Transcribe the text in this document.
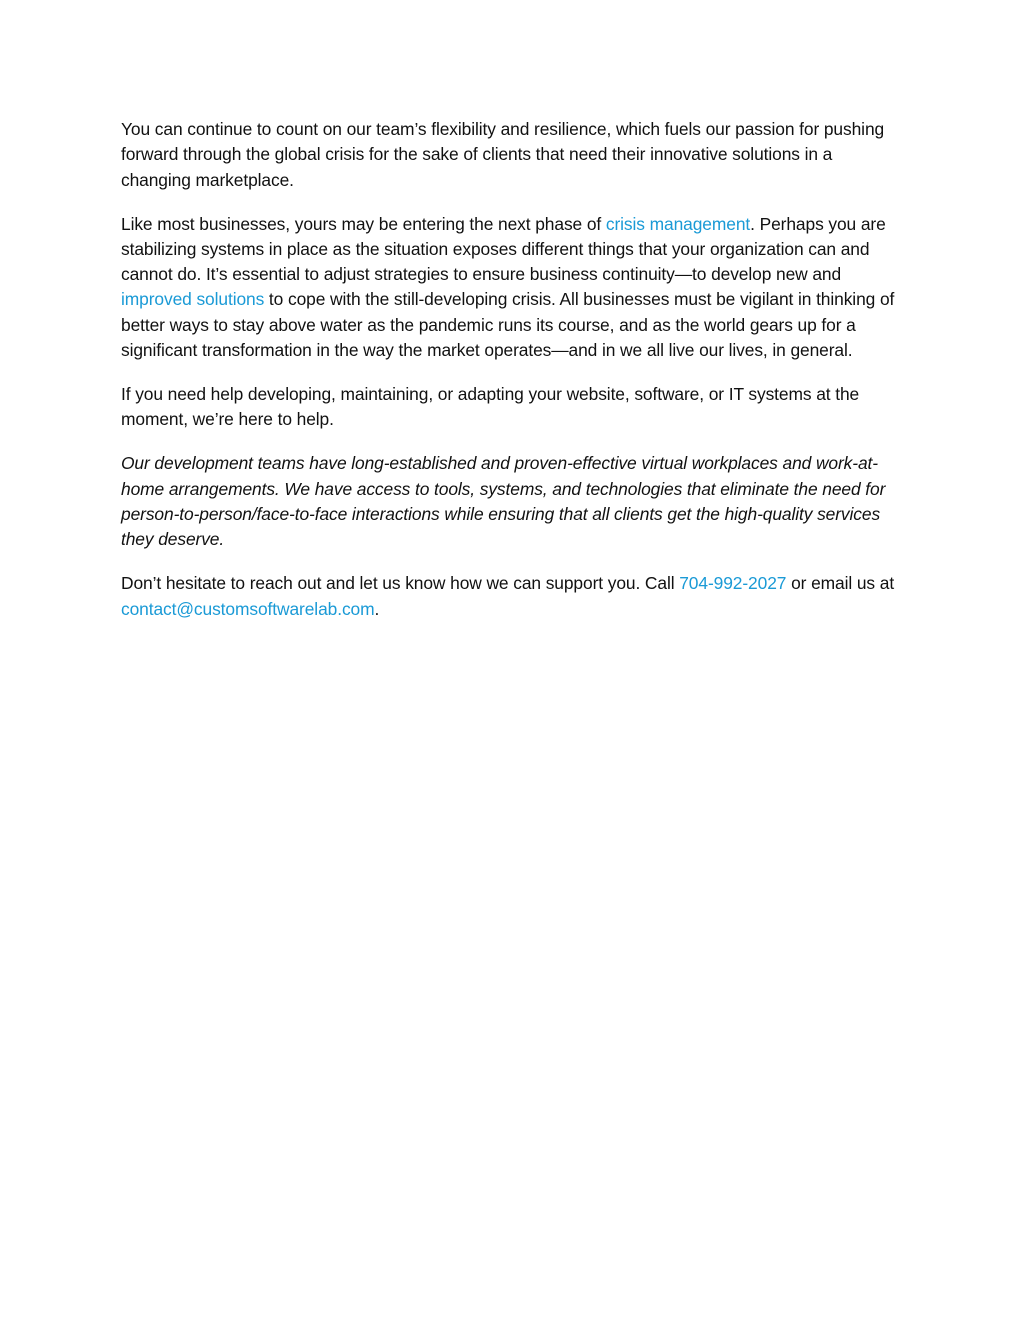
You can continue to count on our team’s flexibility and resilience, which fuels our passion for pushing forward through the global crisis for the sake of clients that need their innovative solutions in a changing marketplace.

Like most businesses, yours may be entering the next phase of crisis management. Perhaps you are stabilizing systems in place as the situation exposes different things that your organization can and cannot do. It’s essential to adjust strategies to ensure business continuity—to develop new and improved solutions to cope with the still-developing crisis. All businesses must be vigilant in thinking of better ways to stay above water as the pandemic runs its course, and as the world gears up for a significant transformation in the way the market operates—and in we all live our lives, in general.

If you need help developing, maintaining, or adapting your website, software, or IT systems at the moment, we’re here to help.

Our development teams have long-established and proven-effective virtual workplaces and work-at-home arrangements. We have access to tools, systems, and technologies that eliminate the need for person-to-person/face-to-face interactions while ensuring that all clients get the high-quality services they deserve.

Don’t hesitate to reach out and let us know how we can support you. Call 704-992-2027 or email us at contact@customsoftwarelab.com.
